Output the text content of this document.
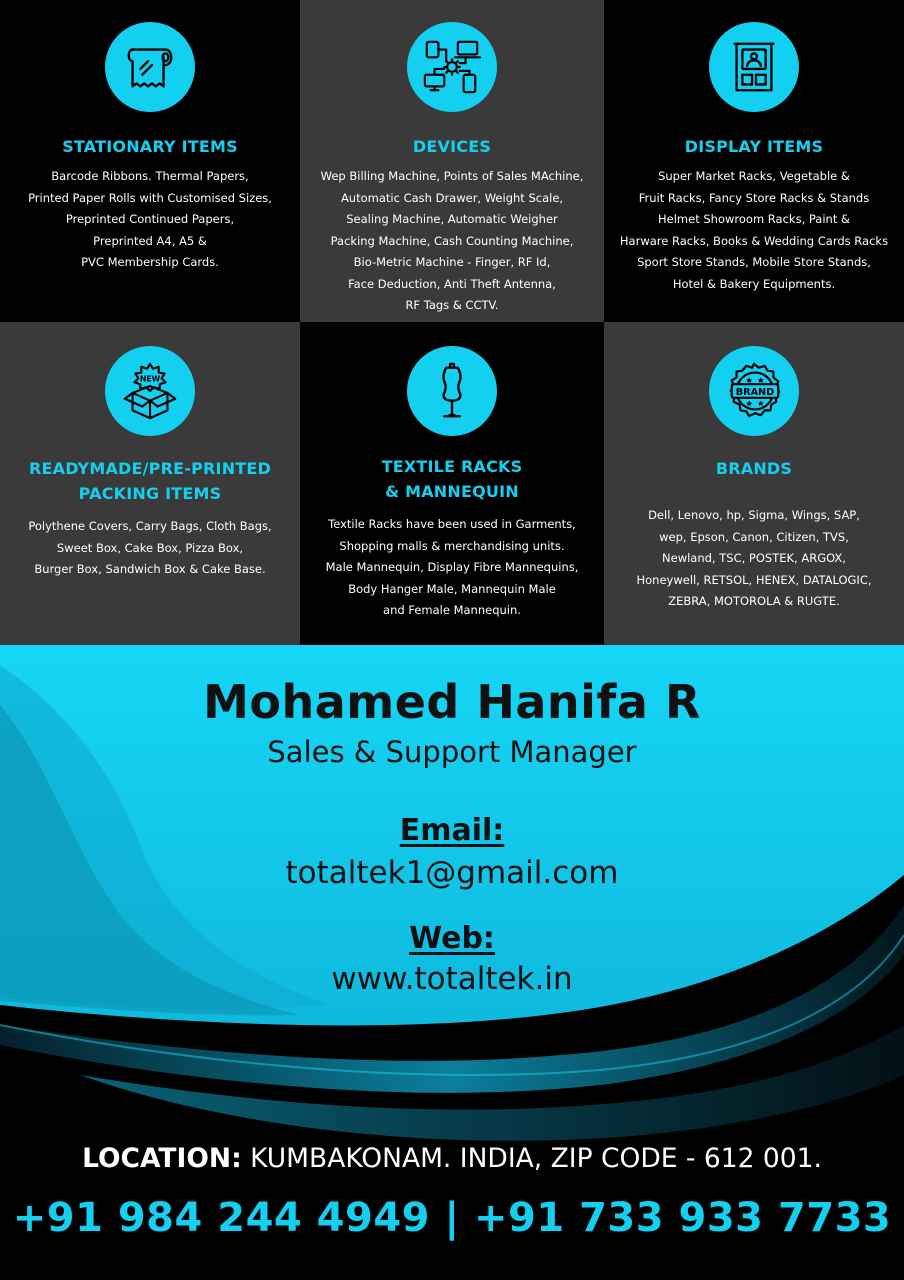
STATIONARY ITEMS
Barcode Ribbons. Thermal Papers,
Printed Paper Rolls with Customised Sizes,
Preprinted Continued Papers,
Preprinted A4, A5 &
PVC Membership Cards.
DEVICES
Wep Billing Machine, Points of Sales MAchine,
Automatic Cash Drawer, Weight Scale,
Sealing Machine, Automatic Weigher
Packing Machine, Cash Counting Machine,
Bio-Metric Machine - Finger, RF Id,
Face Deduction, Anti Theft Antenna,
RF Tags & CCTV.
DISPLAY ITEMS
Super Market Racks, Vegetable &
Fruit Racks, Fancy Store Racks & Stands
Helmet Showroom Racks, Paint &
Harware Racks, Books & Wedding Cards Racks
Sport Store Stands, Mobile Store Stands,
Hotel & Bakery Equipments.
NEW
READYMADE/PRE-PRINTED
PACKING ITEMS
Polythene Covers, Carry Bags, Cloth Bags,
Sweet Box, Cake Box, Pizza Box,
Burger Box, Sandwich Box & Cake Base.
TEXTILE RACKS
& MANNEQUIN
Textile Racks have been used in Garments,
Shopping malls & merchandising units.
Male Mannequin, Display Fibre Mannequins,
Body Hanger Male, Mannequin Male
and Female Mannequin.
BRAND
BRANDS
Dell, Lenovo, hp, Sigma, Wings, SAP,
wep, Epson, Canon, Citizen, TVS,
Newland, TSC, POSTEK, ARGOX,
Honeywell, RETSOL, HENEX, DATALOGIC,
ZEBRA, MOTOROLA & RUGTE.
Mohamed Hanifa R
Sales & Support Manager
Email:
totaltek1@gmail.com
Web:
www.totaltek.in
LOCATION: KUMBAKONAM. INDIA, ZIP CODE - 612 001.
+91 984 244 4949 | +91 733 933 7733
